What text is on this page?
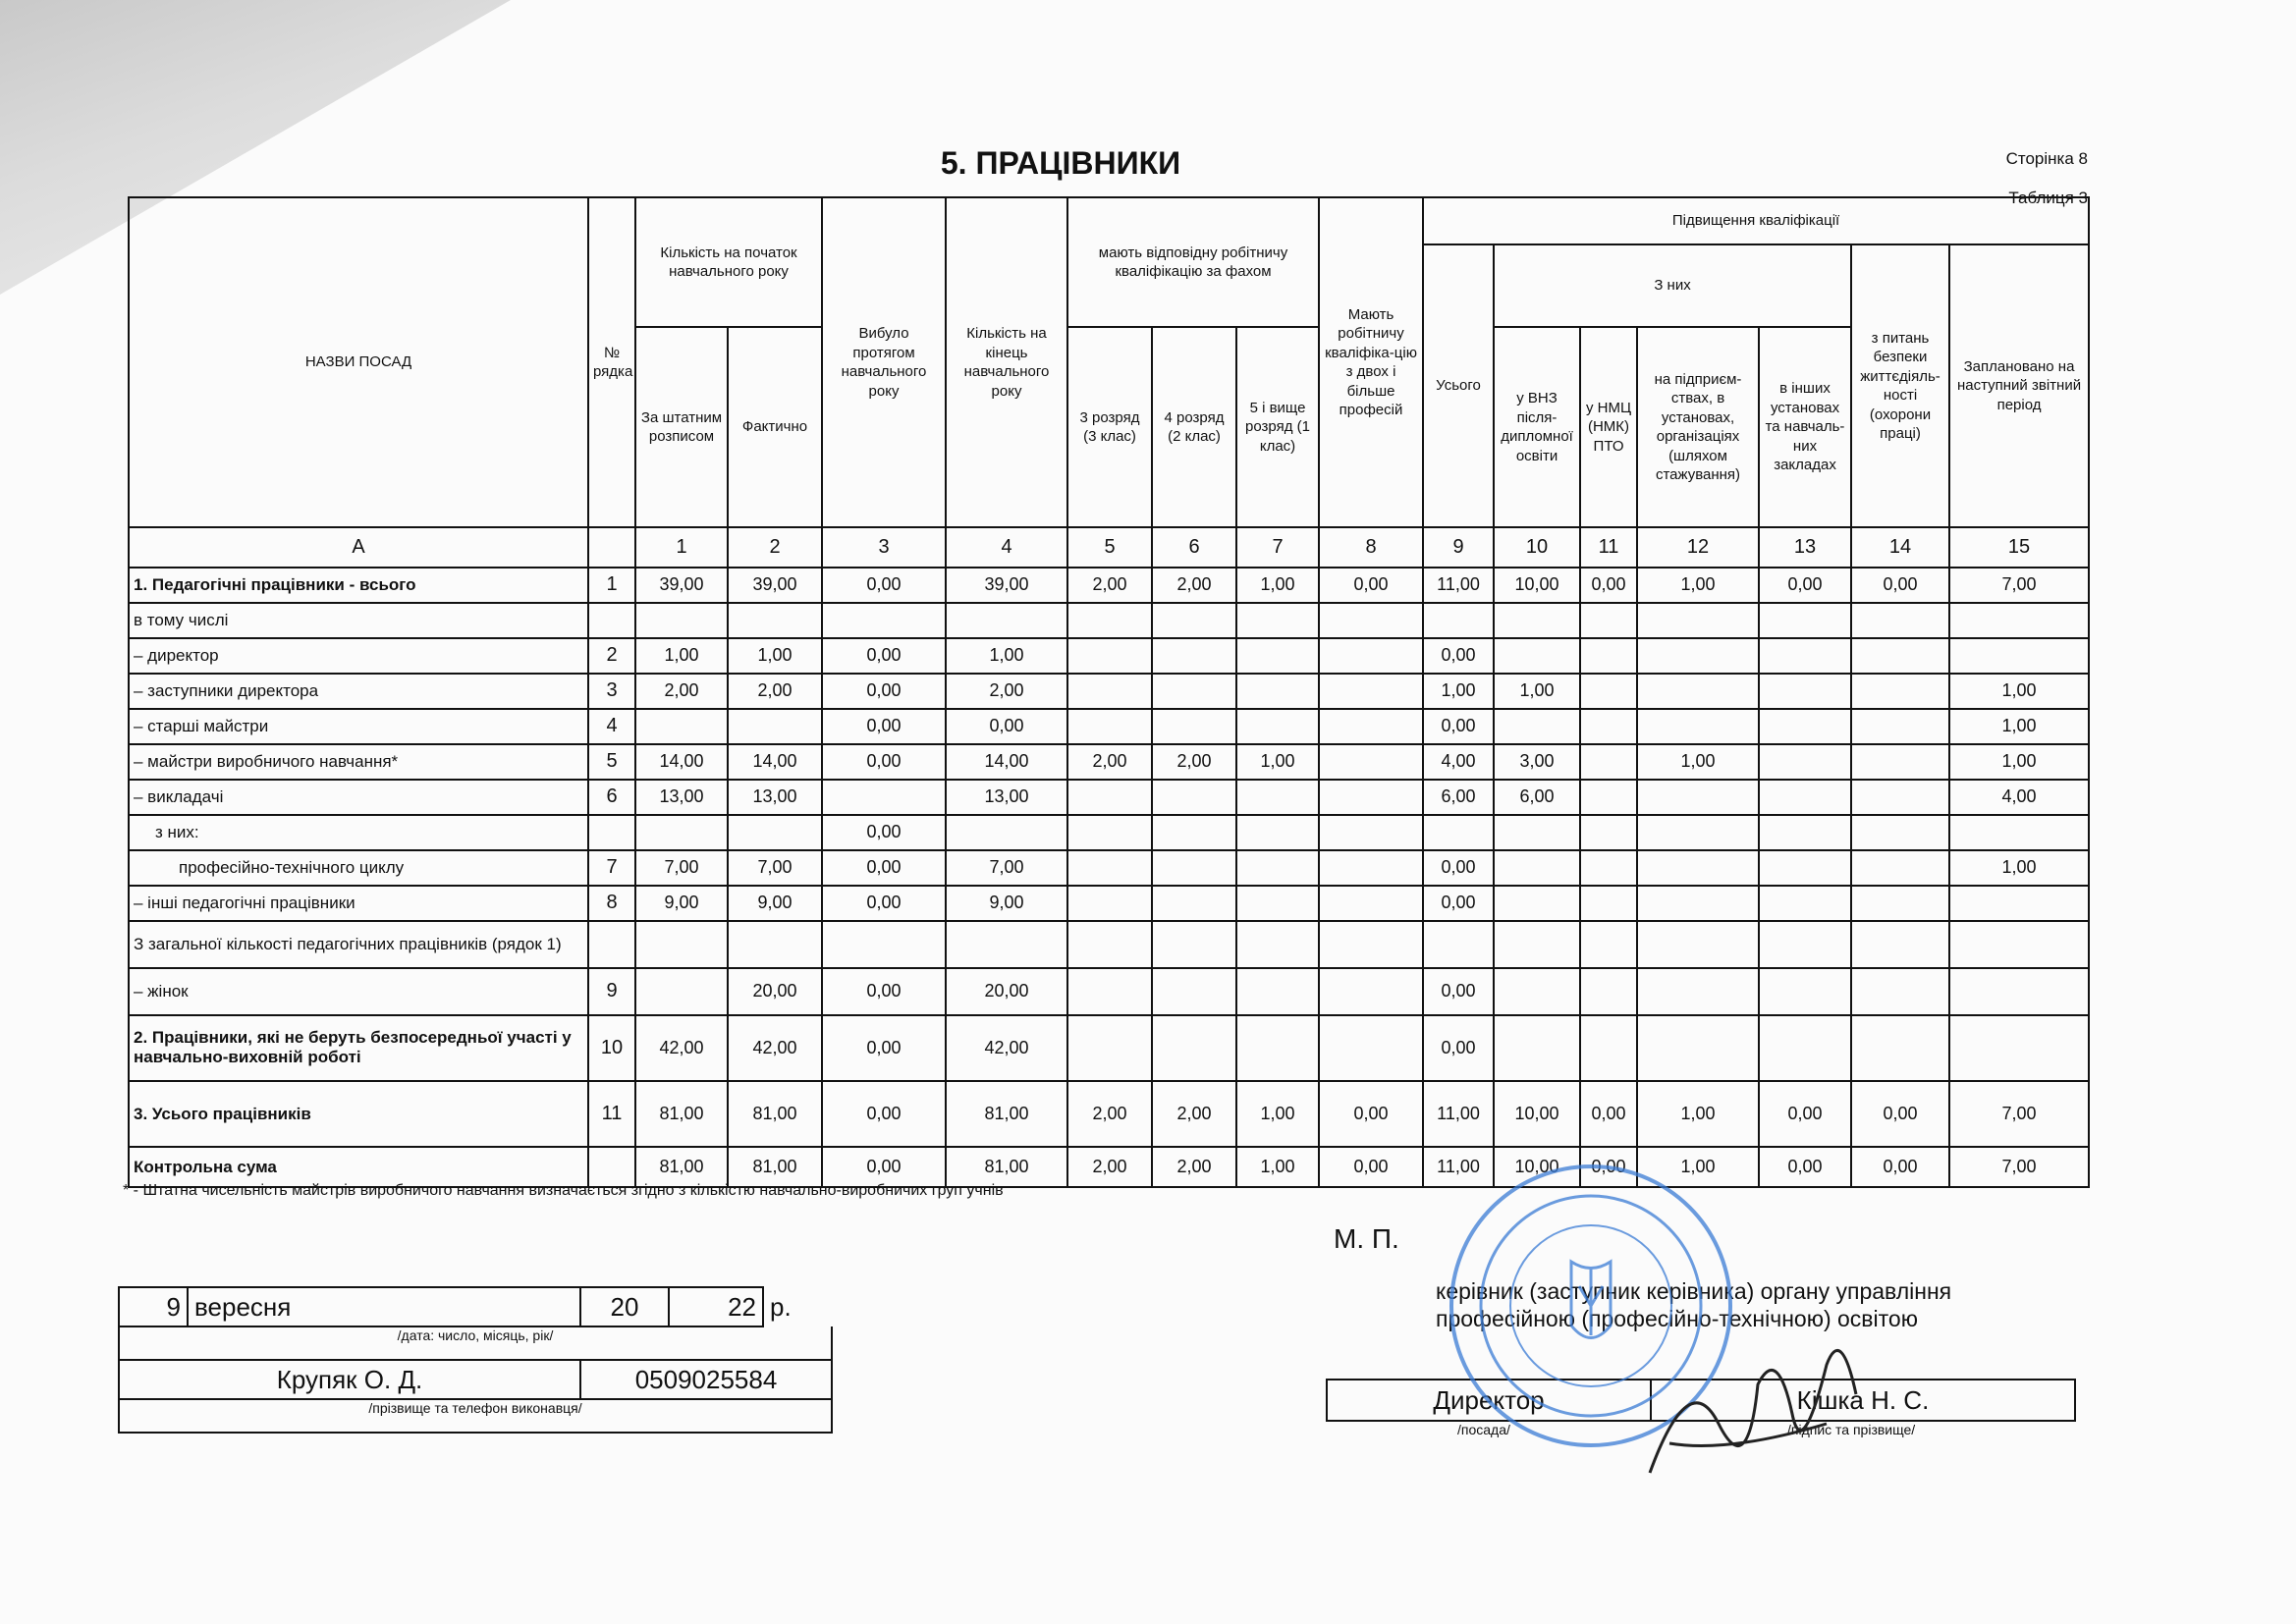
5. ПРАЦІВНИКИ	Сторінка 8
Таблиця 3
НАЗВИ ПОСАД	№ рядка	Кількість на початок навчального року		Вибуло протягом навчального року	Кількість на кінець навчального року	мають відповідну робітничу кваліфікацію за фахом			Мають робітничу кваліфіка-цію з двох і більше професій	Підвищення кваліфікації						
										Усього	З них				з питань безпеки життєдіяль-ності (охорони праці)	Заплановано на наступний звітний період
		За штатним розписом	Фактично			3 розряд (3 клас)	4 розряд (2 клас)	5 і вище розряд (1 клас)			у ВНЗ після-дипломної освіти	у НМЦ (НМК) ПТО	на підприєм-ствах, в установах, організаціях (шляхом стажування)	в інших установах та навчаль-них закладах		
А		1	2	3	4	5	6	7	8	9	10	11	12	13	14	15
1. Педагогічні працівники - всього	1	39,00	39,00	0,00	39,00	2,00	2,00	1,00	0,00	11,00	10,00	0,00	1,00	0,00	0,00	7,00
в тому числі																
– директор	2	1,00	1,00	0,00	1,00					0,00						
– заступники директора	3	2,00	2,00	0,00	2,00					1,00	1,00					1,00
– старші майстри	4			0,00	0,00					0,00						1,00
– майстри виробничого навчання*	5	14,00	14,00	0,00	14,00	2,00	2,00	1,00		4,00	3,00		1,00			1,00
– викладачі	6	13,00	13,00		13,00					6,00	6,00					4,00
з них:				0,00												
професійно-технічного циклу	7	7,00	7,00	0,00	7,00					0,00						1,00
– інші педагогічні працівники	8	9,00	9,00	0,00	9,00					0,00						
З загальної кількості педагогічних працівників (рядок 1)																
– жінок	9		20,00	0,00	20,00					0,00						
2. Працівники, які не беруть безпосередньої участі у навчально-виховній роботі	10	42,00	42,00	0,00	42,00					0,00						
3. Усього працівників	11	81,00	81,00	0,00	81,00	2,00	2,00	1,00	0,00	11,00	10,00	0,00	1,00	0,00	0,00	7,00
Контрольна сума		81,00	81,00	0,00	81,00	2,00	2,00	1,00	0,00	11,00	10,00	0,00	1,00	0,00	0,00	7,00
* - Штатна чисельність майстрів виробничого навчання визначається згідно з кількістю навчально-виробничих груп учнів
9	вересня	20	22	р.
/дата: число, місяць, рік/				
Крупяк О. Д.		0509025584		
/прізвище та телефон виконавця/				
М. П.
керівник (заступник керівника) органу управління
професійною (професійно-технічною) освітою
Директор	Кішка Н. С.
/посада/	/підпис та прізвище/
